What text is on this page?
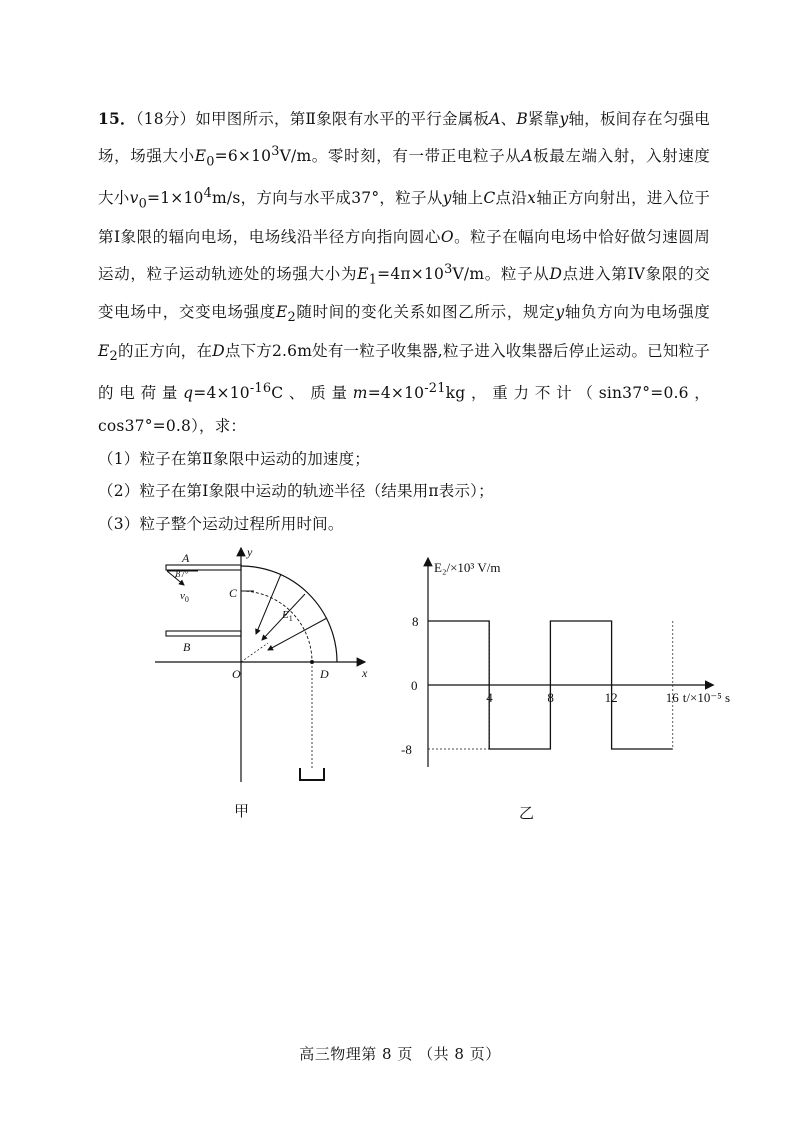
15．（18分）如甲图所示，第Ⅱ象限有水平的平行金属板A、B紧靠y轴，板间存在匀强电场，场强大小$E_0=6\times 10^3V/m$。零时刻，有一带正电粒子从A板最左端入射，入射速度大小$v_0=1\times 10^4m/s$，方向与水平成37°，粒子从y轴上C点沿x轴正方向射出，进入位于第Ⅰ象限的辐向电场，电场线沿半径方向指向圆心O。粒子在幅向电场中恰好做匀速圆周运动，粒子运动轨迹处的场强大小为$E_1=4\pi\times 10^3V/m$。粒子从D点进入第IV象限的交变电场中，交变电场强度$E_2$随时间的变化关系如图乙所示，规定y轴负方向为电场强度$E_2$的正方向，在D点下方2.6m处有一粒子收集器,粒子进入收集器后停止运动。已知粒子的电荷量$q=4\times 10^{-16}C$、质量$m=4\times 10^{-21}kg$，重力不计（sin37°=0.6，cos37°=0.8），求：

（1）粒子在第Ⅱ象限中运动的加速度；

（2）粒子在第Ⅰ象限中运动的轨迹半径（结果用π表示）；

（3）粒子整个运动过程所用时间。

A
B
37°
$v_0$	C
$E_1$
O	D	x
y
甲
4	8	12	16
8
-8
0
E₂/×10³ V/m
t/×10⁻⁵ s
乙
高三物理第 8 页 （共 8 页）
